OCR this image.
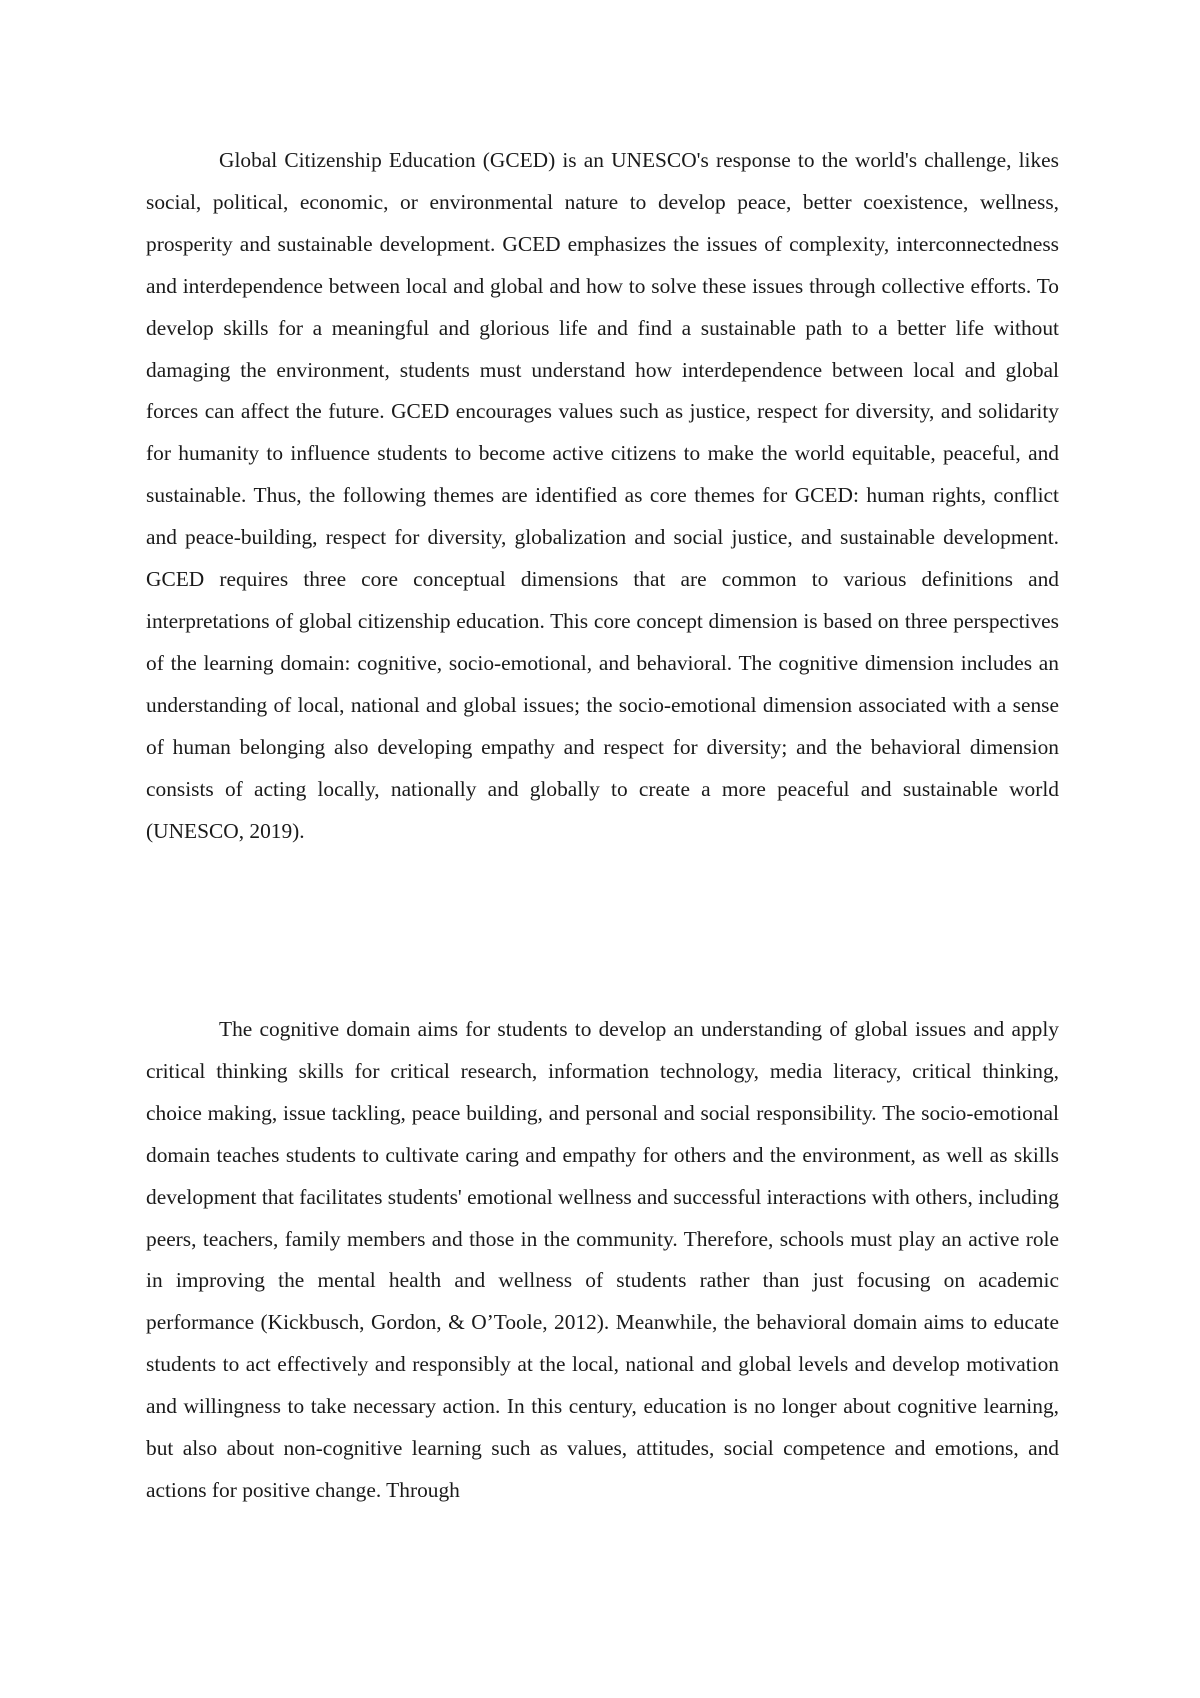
Global Citizenship Education (GCED) is an UNESCO's response to the world's challenge, likes social, political, economic, or environmental nature to develop peace, better coexistence, wellness, prosperity and sustainable development. GCED emphasizes the issues of complexity, interconnectedness and interdependence between local and global and how to solve these issues through collective efforts. To develop skills for a meaningful and glorious life and find a sustainable path to a better life without damaging the environment, students must understand how interdependence between local and global forces can affect the future. GCED encourages values such as justice, respect for diversity, and solidarity for humanity to influence students to become active citizens to make the world equitable, peaceful, and sustainable. Thus, the following themes are identified as core themes for GCED: human rights, conflict and peace-building, respect for diversity, globalization and social justice, and sustainable development. GCED requires three core conceptual dimensions that are common to various definitions and interpretations of global citizenship education. This core concept dimension is based on three perspectives of the learning domain: cognitive, socio-emotional, and behavioral. The cognitive dimension includes an understanding of local, national and global issues; the socio-emotional dimension associated with a sense of human belonging also developing empathy and respect for diversity; and the behavioral dimension consists of acting locally, nationally and globally to create a more peaceful and sustainable world (UNESCO, 2019).

The cognitive domain aims for students to develop an understanding of global issues and apply critical thinking skills for critical research, information technology, media literacy, critical thinking, choice making, issue tackling, peace building, and personal and social responsibility. The socio-emotional domain teaches students to cultivate caring and empathy for others and the environment, as well as skills development that facilitates students' emotional wellness and successful interactions with others, including peers, teachers, family members and those in the community. Therefore, schools must play an active role in improving the mental health and wellness of students rather than just focusing on academic performance (Kickbusch, Gordon, & O’Toole, 2012). Meanwhile, the behavioral domain aims to educate students to act effectively and responsibly at the local, national and global levels and develop motivation and willingness to take necessary action. In this century, education is no longer about cognitive learning, but also about non-cognitive learning such as values, attitudes, social competence and emotions, and actions for positive change. Through
